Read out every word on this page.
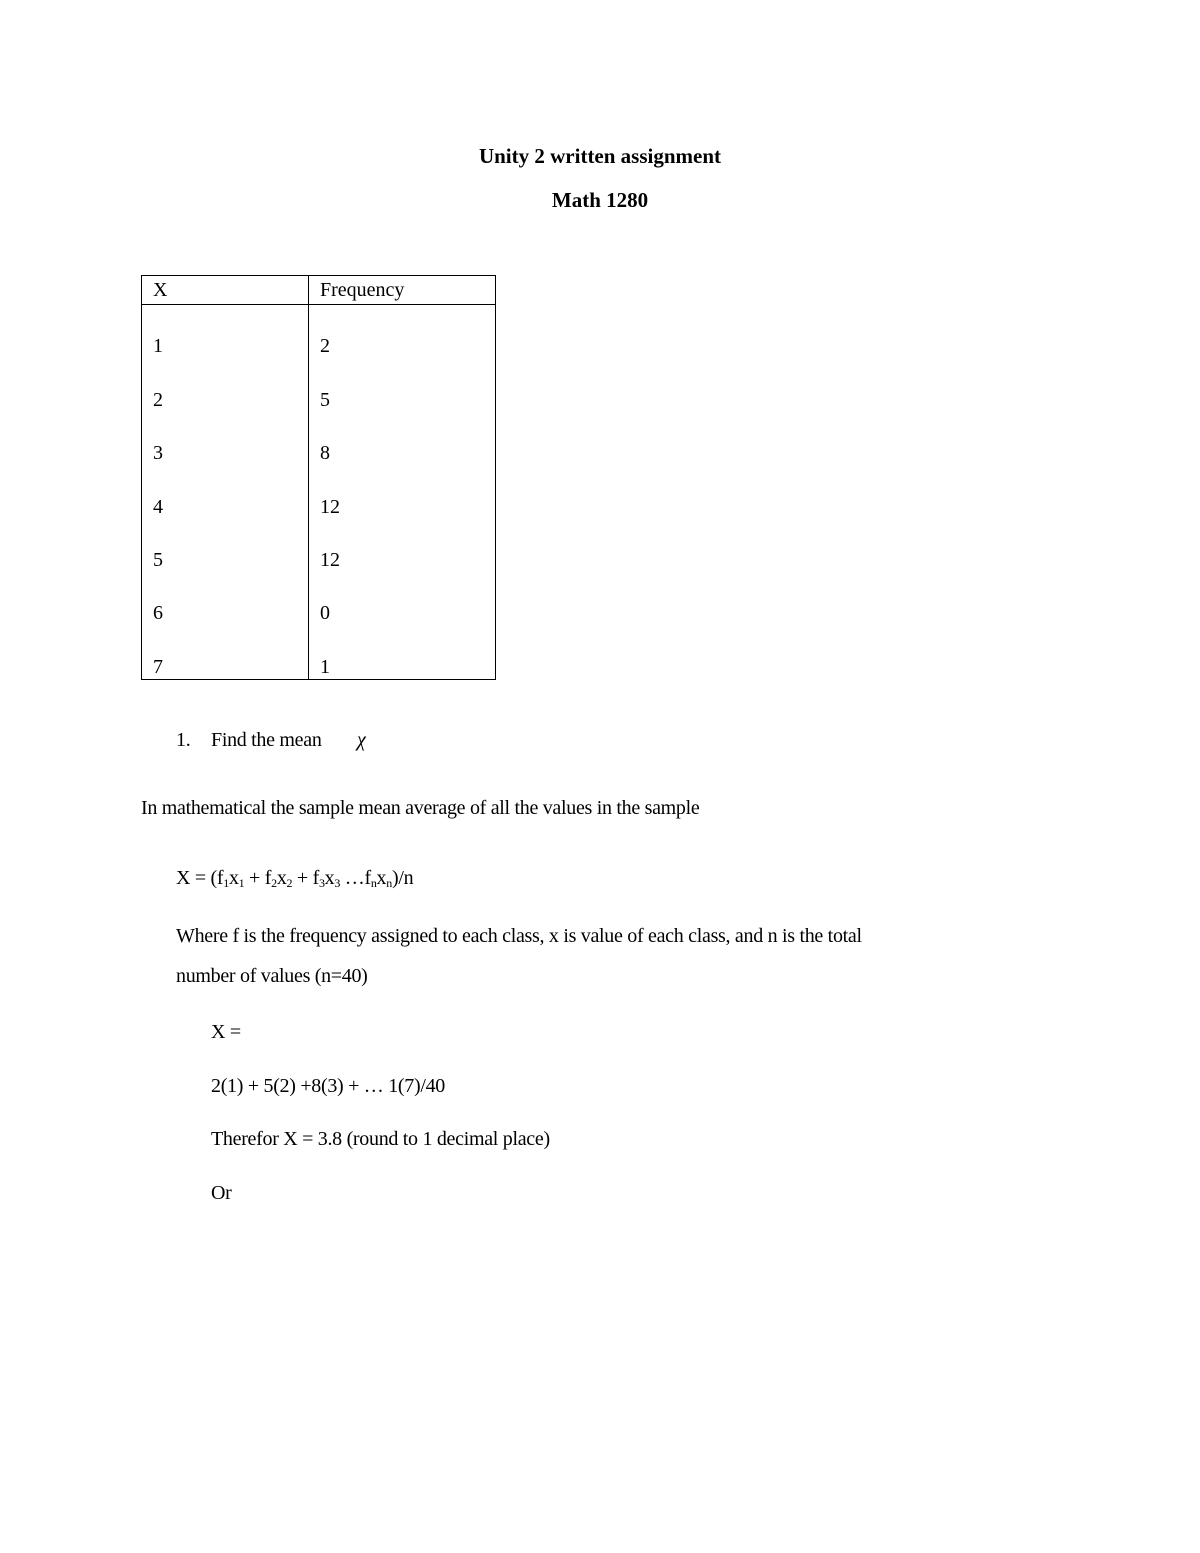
Unity 2 written assignment
Math 1280
X	Frequency
1	2
2	5
3	8
4	12
5	12
6	0
7	1
1. Find the mean χ
In mathematical the sample mean average of all the values in the sample
$X = (f_1x_1 + f_2x_2 + f_3x_3$ $\dots f_nx_n)/n$
Where f is the frequency assigned to each class, x is value of each class, and n is the total
number of values (n=40)
X =
2(1) + 5(2) +8(3) + … 1(7)/40
Therefor X = 3.8 (round to 1 decimal place)
Or
